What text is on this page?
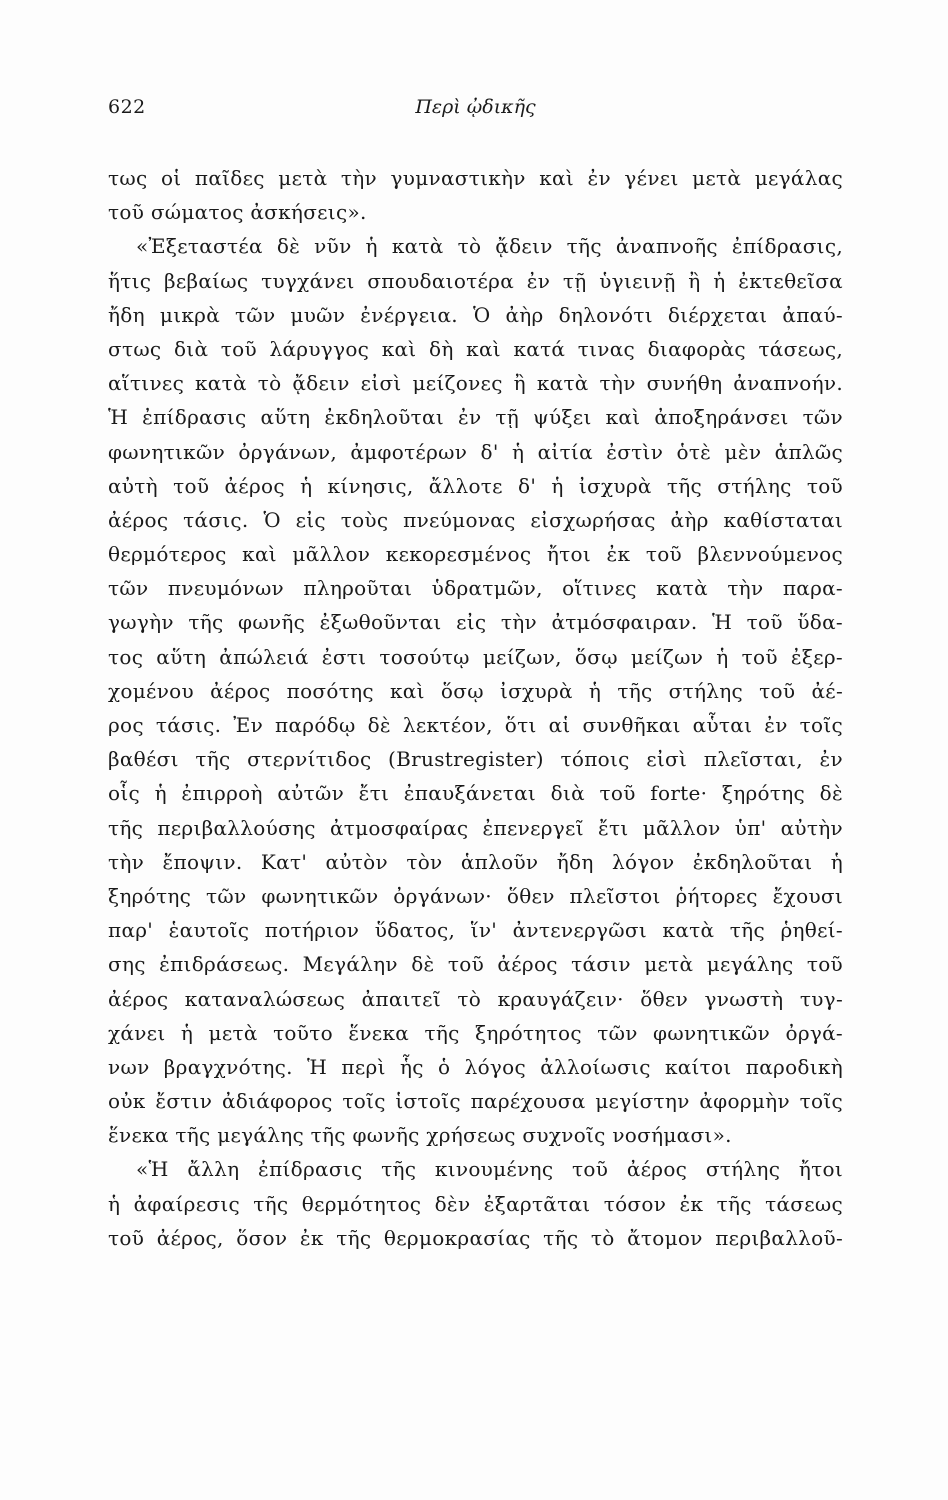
622	Περὶ ᾠδικῆς
τως οἱ παῖδες μετὰ τὴν γυμναστικὴν καὶ ἐν γένει μετὰ μεγάλας
τοῦ σώματος ἀσκήσεις».
«Ἐξεταστέα δὲ νῦν ἡ κατὰ τὸ ᾄδειν τῆς ἀναπνοῆς ἐπίδρασις,
ἥτις βεβαίως τυγχάνει σπουδαιοτέρα ἐν τῇ ὑγιεινῇ ἢ ἡ ἐκτεθεῖσα
ἤδη μικρὰ τῶν μυῶν ἐνέργεια. Ὁ ἀὴρ δηλονότι διέρχεται ἀπαύ-
στως διὰ τοῦ λάρυγγος καὶ δὴ καὶ κατά τινας διαφορὰς τάσεως,
αἵτινες κατὰ τὸ ᾄδειν εἰσὶ μείζονες ἢ κατὰ τὴν συνήθη ἀναπνοήν.
Ἡ ἐπίδρασις αὕτη ἐκδηλοῦται ἐν τῇ ψύξει καὶ ἀποξηράνσει τῶν
φωνητικῶν ὀργάνων, ἀμφοτέρων δ' ἡ αἰτία ἐστὶν ὁτὲ μὲν ἁπλῶς
αὐτὴ τοῦ ἀέρος ἡ κίνησις, ἄλλοτε δ' ἡ ἰσχυρὰ τῆς στήλης τοῦ
ἀέρος τάσις. Ὁ εἰς τοὺς πνεύμονας εἰσχωρήσας ἀὴρ καθίσταται
θερμότερος καὶ μᾶλλον κεκορεσμένος ἤτοι ἐκ τοῦ βλεννούμενος
τῶν πνευμόνων πληροῦται ὑδρατμῶν, οἵτινες κατὰ τὴν παρα-
γωγὴν τῆς φωνῆς ἐξωθοῦνται εἰς τὴν ἀτμόσφαιραν. Ἡ τοῦ ὕδα-
τος αὕτη ἀπώλειά ἐστι τοσούτῳ μείζων, ὅσῳ μείζων ἡ τοῦ ἐξερ-
χομένου ἀέρος ποσότης καὶ ὅσῳ ἰσχυρὰ ἡ τῆς στήλης τοῦ ἀέ-
ρος τάσις. Ἐν παρόδῳ δὲ λεκτέον, ὅτι αἱ συνθῆκαι αὗται ἐν τοῖς
βαθέσι τῆς στερνίτιδος (Brustregister) τόποις εἰσὶ πλεῖσται, ἐν
οἷς ἡ ἐπιρροὴ αὐτῶν ἔτι ἐπαυξάνεται διὰ τοῦ forte· ξηρότης δὲ
τῆς περιβαλλούσης ἀτμοσφαίρας ἐπενεργεῖ ἔτι μᾶλλον ὑπ' αὐτὴν
τὴν ἔποψιν. Κατ' αὐτὸν τὸν ἁπλοῦν ἤδη λόγον ἐκδηλοῦται ἡ
ξηρότης τῶν φωνητικῶν ὀργάνων· ὅθεν πλεῖστοι ῥήτορες ἔχουσι
παρ' ἑαυτοῖς ποτήριον ὕδατος, ἵν' ἀντενεργῶσι κατὰ τῆς ῥηθεί-
σης ἐπιδράσεως. Μεγάλην δὲ τοῦ ἀέρος τάσιν μετὰ μεγάλης τοῦ
ἀέρος καταναλώσεως ἀπαιτεῖ τὸ κραυγάζειν· ὅθεν γνωστὴ τυγ-
χάνει ἡ μετὰ τοῦτο ἕνεκα τῆς ξηρότητος τῶν φωνητικῶν ὀργά-
νων βραγχνότης. Ἡ περὶ ἧς ὁ λόγος ἀλλοίωσις καίτοι παροδικὴ
οὐκ ἔστιν ἀδιάφορος τοῖς ἱστοῖς παρέχουσα μεγίστην ἀφορμὴν τοῖς
ἕνεκα τῆς μεγάλης τῆς φωνῆς χρήσεως συχνοῖς νοσήμασι».
«Ἡ ἄλλη ἐπίδρασις τῆς κινουμένης τοῦ ἀέρος στήλης ἤτοι
ἡ ἀφαίρεσις τῆς θερμότητος δὲν ἐξαρτᾶται τόσον ἐκ τῆς τάσεως
τοῦ ἀέρος, ὅσον ἐκ τῆς θερμοκρασίας τῆς τὸ ἄτομον περιβαλλοῦ-
